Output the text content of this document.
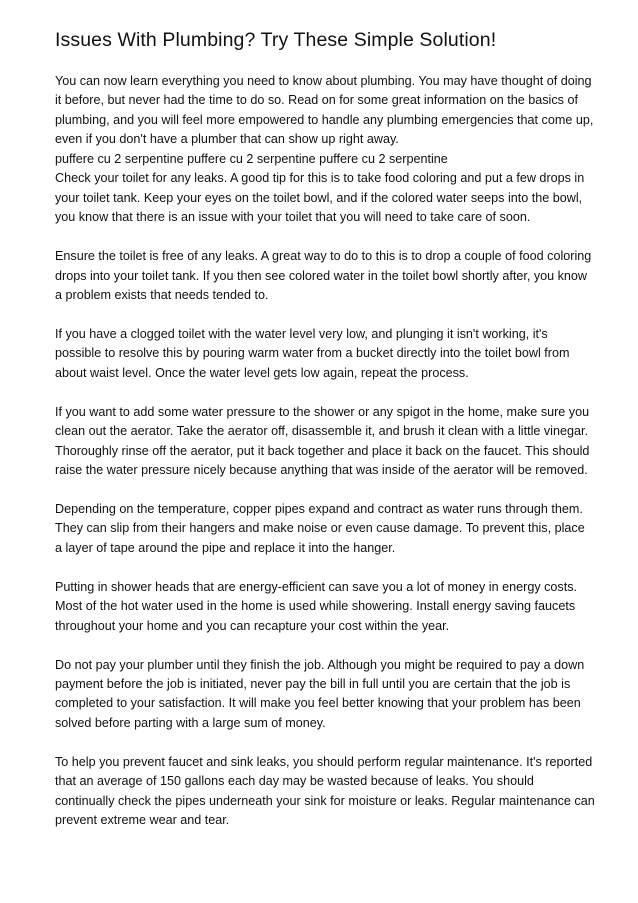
Issues With Plumbing? Try These Simple Solution!

You can now learn everything you need to know about plumbing. You may have thought of doing it before, but never had the time to do so. Read on for some great information on the basics of plumbing, and you will feel more empowered to handle any plumbing emergencies that come up, even if you don't have a plumber that can show up right away.

puffere cu 2 serpentine puffere cu 2 serpentine puffere cu 2 serpentine

Check your toilet for any leaks. A good tip for this is to take food coloring and put a few drops in your toilet tank. Keep your eyes on the toilet bowl, and if the colored water seeps into the bowl, you know that there is an issue with your toilet that you will need to take care of soon.

Ensure the toilet is free of any leaks. A great way to do to this is to drop a couple of food coloring drops into your toilet tank. If you then see colored water in the toilet bowl shortly after, you know a problem exists that needs tended to.

If you have a clogged toilet with the water level very low, and plunging it isn't working, it's possible to resolve this by pouring warm water from a bucket directly into the toilet bowl from about waist level. Once the water level gets low again, repeat the process.

If you want to add some water pressure to the shower or any spigot in the home, make sure you clean out the aerator. Take the aerator off, disassemble it, and brush it clean with a little vinegar. Thoroughly rinse off the aerator, put it back together and place it back on the faucet. This should raise the water pressure nicely because anything that was inside of the aerator will be removed.

Depending on the temperature, copper pipes expand and contract as water runs through them. They can slip from their hangers and make noise or even cause damage. To prevent this, place a layer of tape around the pipe and replace it into the hanger.

Putting in shower heads that are energy-efficient can save you a lot of money in energy costs. Most of the hot water used in the home is used while showering. Install energy saving faucets throughout your home and you can recapture your cost within the year.

Do not pay your plumber until they finish the job. Although you might be required to pay a down payment before the job is initiated, never pay the bill in full until you are certain that the job is completed to your satisfaction. It will make you feel better knowing that your problem has been solved before parting with a large sum of money.

To help you prevent faucet and sink leaks, you should perform regular maintenance. It's reported that an average of 150 gallons each day may be wasted because of leaks. You should continually check the pipes underneath your sink for moisture or leaks. Regular maintenance can prevent extreme wear and tear.
